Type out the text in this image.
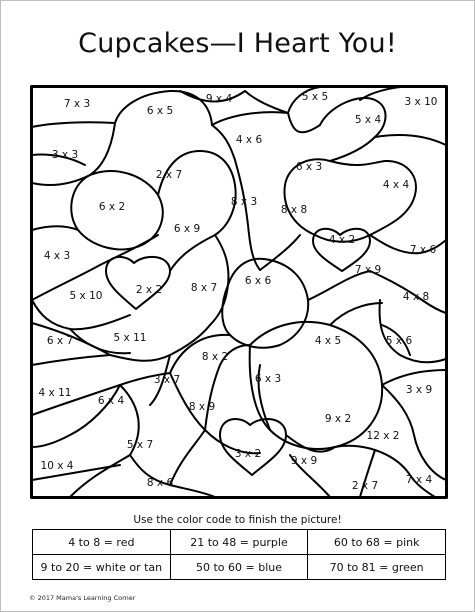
Cupcakes—I Heart You!
7 x 3
6 x 5
9 x 4	5 x 5	3 x 10
5 x 4
3 x 3
4 x 6
6 x 3
2 x 7
4 x 4
6 x 2	8 x 3
8 x 8
6 x 9
4 x 2
4 x 3	7 x 6
7 x 9
6 x 6
2 x 2	8 x 7
5 x 10	4 x 8
6 x 7	5 x 11	4 x 5	5 x 6
8 x 2
3 x 7	6 x 3
4 x 11	3 x 9
6 x 4	8 x 9
9 x 2
3 x 2
12 x 2
5 x 7
9 x 9
10 x 4
8 x 6	2 x 7	7 x 4
Use the color code to finish the picture!
4 to 8 = red	21 to 48 = purple	60 to 68 = pink
9 to 20 = white or tan	50 to 60 = blue	70 to 81 = green
© 2017 Mama's Learning Corner
